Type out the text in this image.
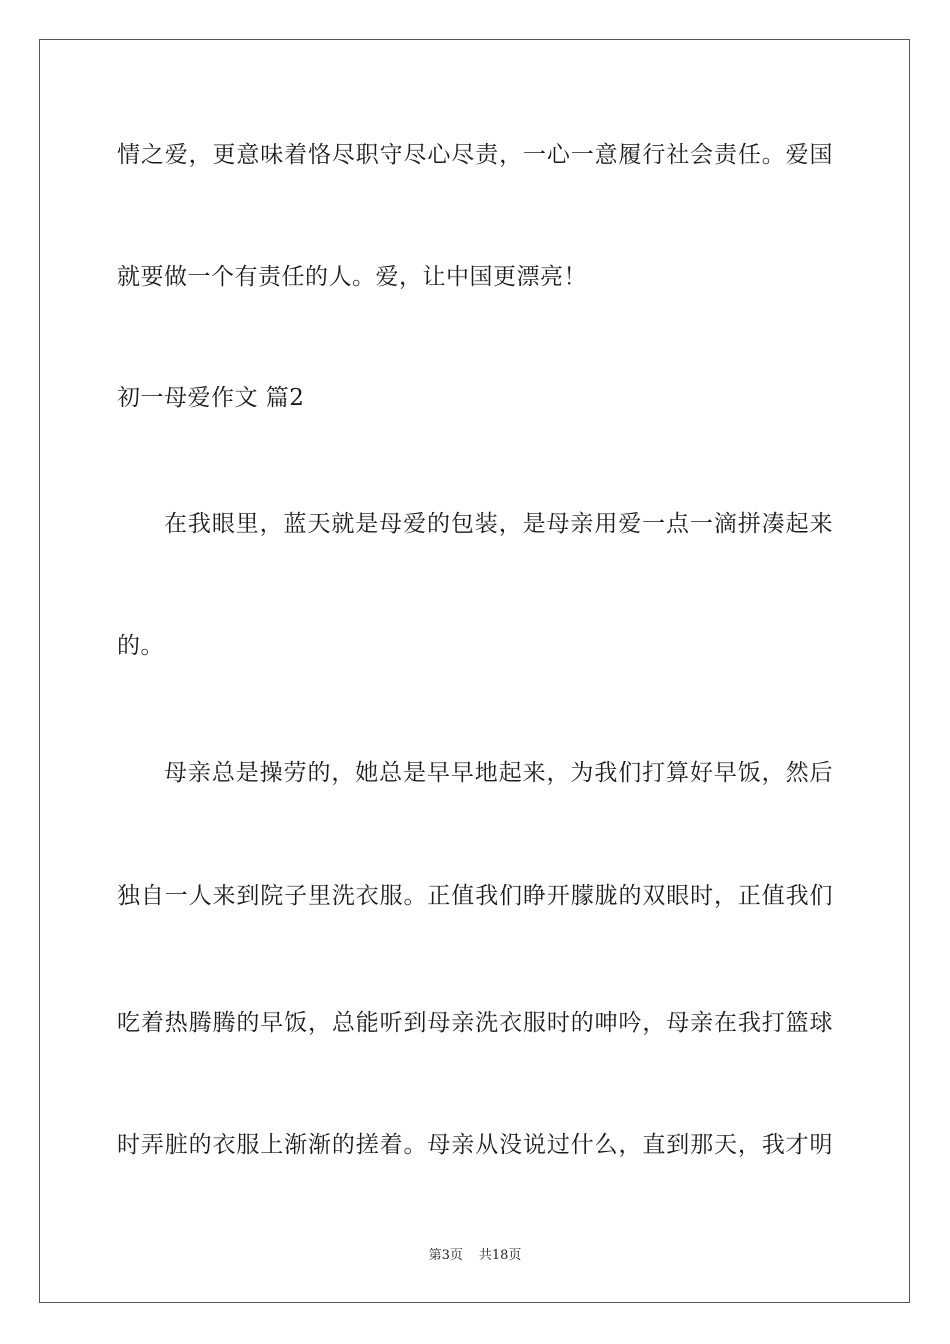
情之爱，更意味着恪尽职守尽心尽责，一心一意履行社会责任。爱国
就要做一个有责任的人。爱，让中国更漂亮！
初一母爱作文 篇2
在我眼里，蓝天就是母爱的包装，是母亲用爱一点一滴拼凑起来
的。
母亲总是操劳的，她总是早早地起来，为我们打算好早饭，然后
独自一人来到院子里洗衣服。正值我们睁开朦胧的双眼时，正值我们
吃着热腾腾的早饭，总能听到母亲洗衣服时的呻吟，母亲在我打篮球
时弄脏的衣服上渐渐的搓着。母亲从没说过什么，直到那天，我才明
第3页 共18页
